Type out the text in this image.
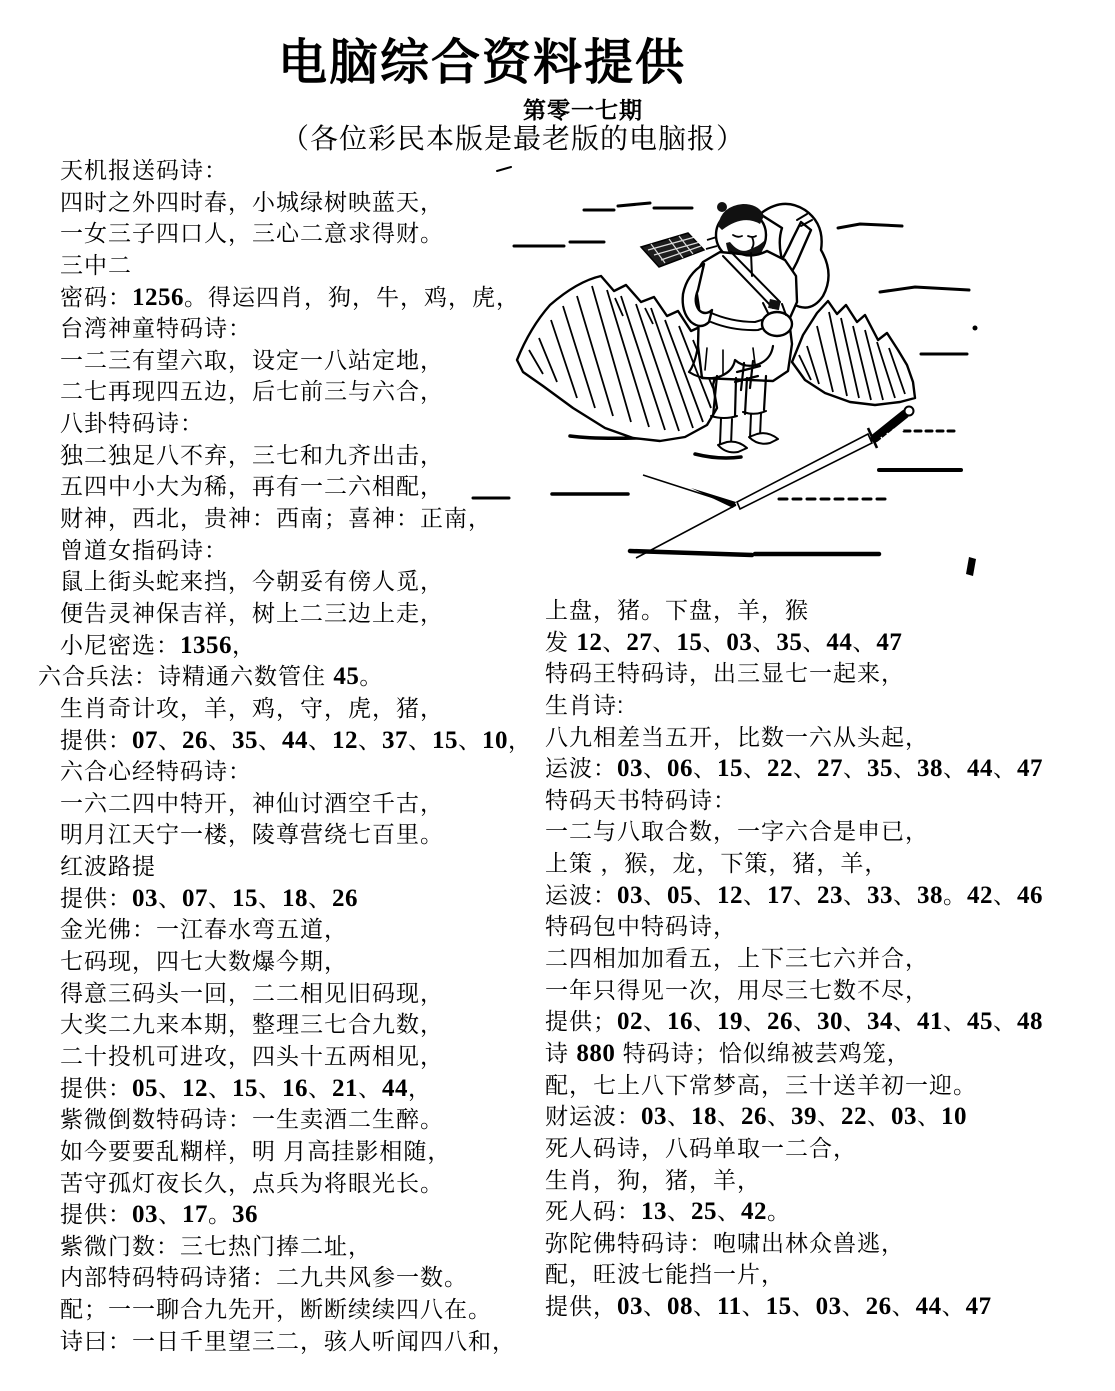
电脑综合资料提供
第零一七期
（各位彩民本版是最老版的电脑报）
天机报送码诗：
四时之外四时春，小城绿树映蓝天，
一女三子四口人，三心二意求得财。
三中二
密码：1256。得运四肖，狗，牛，鸡，虎，
台湾神童特码诗：
一二三有望六取，设定一八站定地，
二七再现四五边，后七前三与六合，
八卦特码诗：
独二独足八不弃，三七和九齐出击，
五四中小大为稀，再有一二六相配，
财神，西北，贵神：西南；喜神：正南，
曾道女指码诗：
鼠上街头蛇来挡，今朝妥有傍人觅，
便告灵神保吉祥，树上二三边上走，
小尼密选：1356，
六合兵法：诗精通六数管住 45。
生肖奇计攻，羊，鸡，守，虎，猪，
提供：07、26、35、44、12、37、15、10，
六合心经特码诗：
一六二四中特开，神仙讨酒空千古，
明月江天宁一楼，陵尊营绕七百里。
红波路提
提供：03、07、15、18、26
金光佛：一江春水弯五道，
七码现，四七大数爆今期，
得意三码头一回，二二相见旧码现，
大奖二九来本期，整理三七合九数，
二十投机可进攻，四头十五两相见，
提供：05、12、15、16、21、44，
紫微倒数特码诗：一生卖酒二生醉。
如今要要乱糊样，明 月高挂影相随，
苦守孤灯夜长久，点兵为将眼光长。
提供：03、17。36
紫微门数：三七热门捧二址，
内部特码特码诗猪：二九共风参一数。
配；一一聊合九先开，断断续续四八在。
诗曰：一日千里望三二，骇人听闻四八和，
上盘，猪。下盘，羊，猴
发 12、27、15、03、35、44、47
特码王特码诗，出三显七一起来，
生肖诗:
八九相差当五开，比数一六从头起，
运波：03、06、15、22、27、35、38、44、47
特码天书特码诗：
一二与八取合数，一字六合是申已，
上策 ，猴，龙，下策，猪，羊，
运波：03、05、12、17、23、33、38。42、46
特码包中特码诗，
二四相加加看五，上下三七六并合，
一年只得见一次，用尽三七数不尽，
提供；02、16、19、26、30、34、41、45、48
诗 880 特码诗；恰似绵被芸鸡笼，
配，七上八下常梦高，三十送羊初一迎。
财运波：03、18、26、39、22、03、10
死人码诗，八码单取一二合，
生肖，狗，猪，羊，
死人码：13、25、42。
弥陀佛特码诗：咆啸出林众兽逃，
配，旺波七能挡一片，
提供，03、08、11、15、03、26、44、47
